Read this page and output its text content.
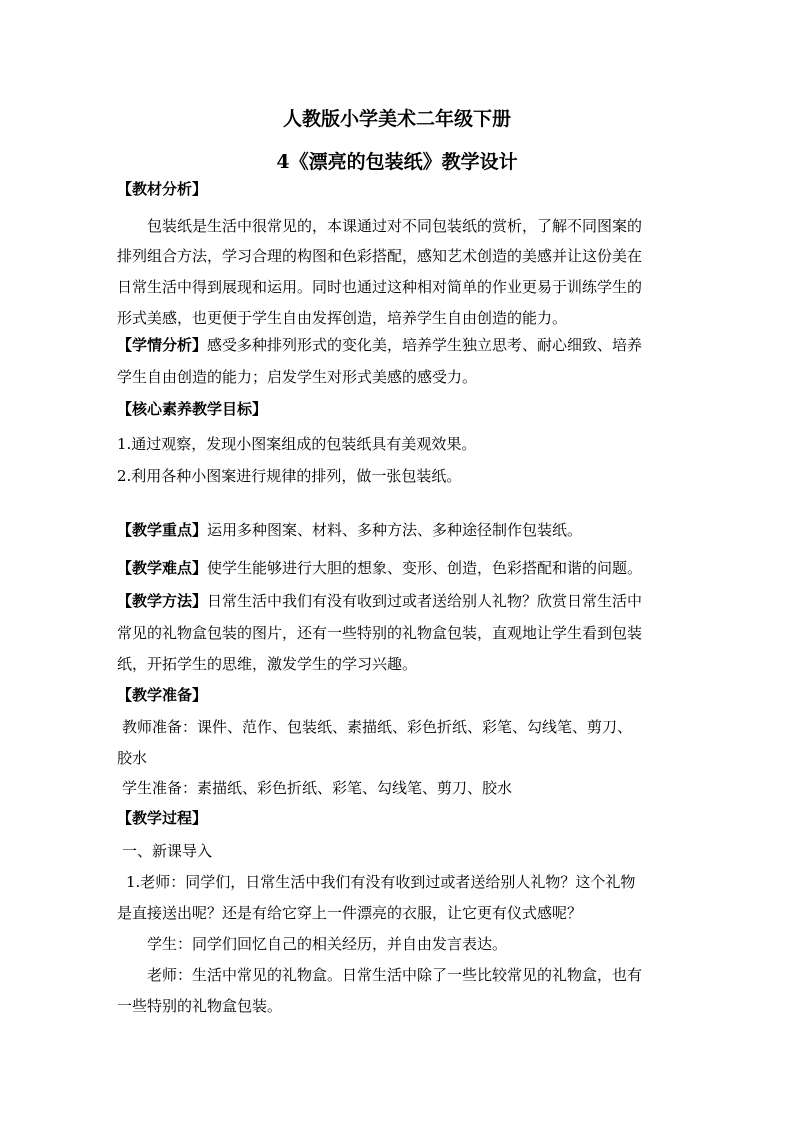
人教版小学美术二年级下册
4《漂亮的包装纸》教学设计
【教材分析】
包装纸是生活中很常见的，本课通过对不同包装纸的赏析，了解不同图案的
排列组合方法，学习合理的构图和色彩搭配，感知艺术创造的美感并让这份美在
日常生活中得到展现和运用。同时也通过这种相对简单的作业更易于训练学生的
形式美感，也更便于学生自由发挥创造，培养学生自由创造的能力。
【学情分析】感受多种排列形式的变化美，培养学生独立思考、耐心细致、培养
学生自由创造的能力；启发学生对形式美感的感受力。
【核心素养教学目标】
1.通过观察，发现小图案组成的包装纸具有美观效果。
2.利用各种小图案进行规律的排列，做一张包装纸。
【教学重点】运用多种图案、材料、多种方法、多种途径制作包装纸。
【教学难点】使学生能够进行大胆的想象、变形、创造，色彩搭配和谐的问题。
【教学方法】日常生活中我们有没有收到过或者送给别人礼物？欣赏日常生活中
常见的礼物盒包装的图片，还有一些特别的礼物盒包装，直观地让学生看到包装
纸，开拓学生的思维，激发学生的学习兴趣。
【教学准备】
教师准备：课件、范作、包装纸、素描纸、彩色折纸、彩笔、勾线笔、剪刀、
胶水
学生准备：素描纸、彩色折纸、彩笔、勾线笔、剪刀、胶水
【教学过程】
一、新课导入
1.老师：同学们，日常生活中我们有没有收到过或者送给别人礼物？这个礼物
是直接送出呢？还是有给它穿上一件漂亮的衣服，让它更有仪式感呢？
学生：同学们回忆自己的相关经历，并自由发言表达。
老师：生活中常见的礼物盒。日常生活中除了一些比较常见的礼物盒，也有
一些特别的礼物盒包装。
